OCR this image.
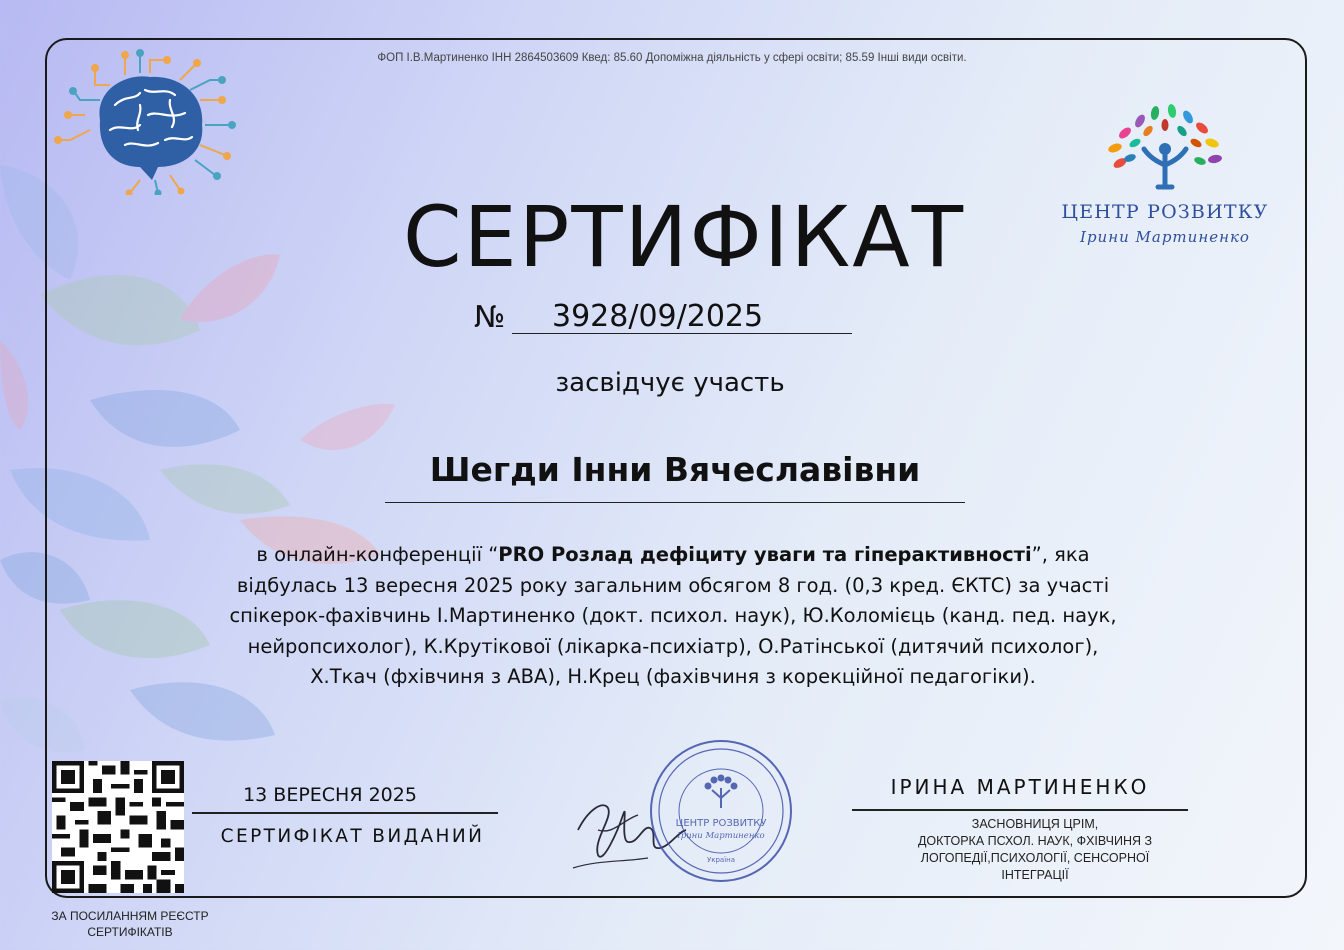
ФОП І.В.Мартиненко ІНН 2864503609 Квед: 85.60 Допоміжна діяльність у сфері освіти; 85.59 Інші види освіти.
ЦЕНТР РОЗВИТКУ
Ірини Мартиненко
СЕРТИФІКАТ
№	3928/09/2025
засвідчує участь
Шегди Інни Вячеславівни
в онлайн-конференції “PRO Розлад дефіциту уваги та гіперактивності”, яка
відбулась 13 вересня 2025 року загальним обсягом 8 год. (0,3 кред. ЄКТС) за участі
спікерок-фахівчинь І.Мартиненко (докт. психол. наук), Ю.Коломієць (канд. пед. наук,
нейропсихолог), К.Крутікової (лікарка-психіатр), О.Ратінської (дитячий психолог),
Х.Ткач (фхівчиня з АВА), Н.Крец (фахівчиня з корекційної педагогіки).
ЗА ПОСИЛАННЯМ РЕЄСТР
СЕРТИФІКАТІВ
13 ВЕРЕСНЯ 2025
СЕРТИФІКАТ ВИДАНИЙ
ЦЕНТР РОЗВИТКУ
Ірини Мартиненко
Україна
ІРИНА МАРТИНЕНКО
ЗАСНОВНИЦЯ ЦРІМ,
ДОКТОРКА ПСХОЛ. НАУК, ФХІВЧИНЯ З
ЛОГОПЕДІЇ,ПСИХОЛОГІЇ, СЕНСОРНОЇ
ІНТЕГРАЦІЇ
